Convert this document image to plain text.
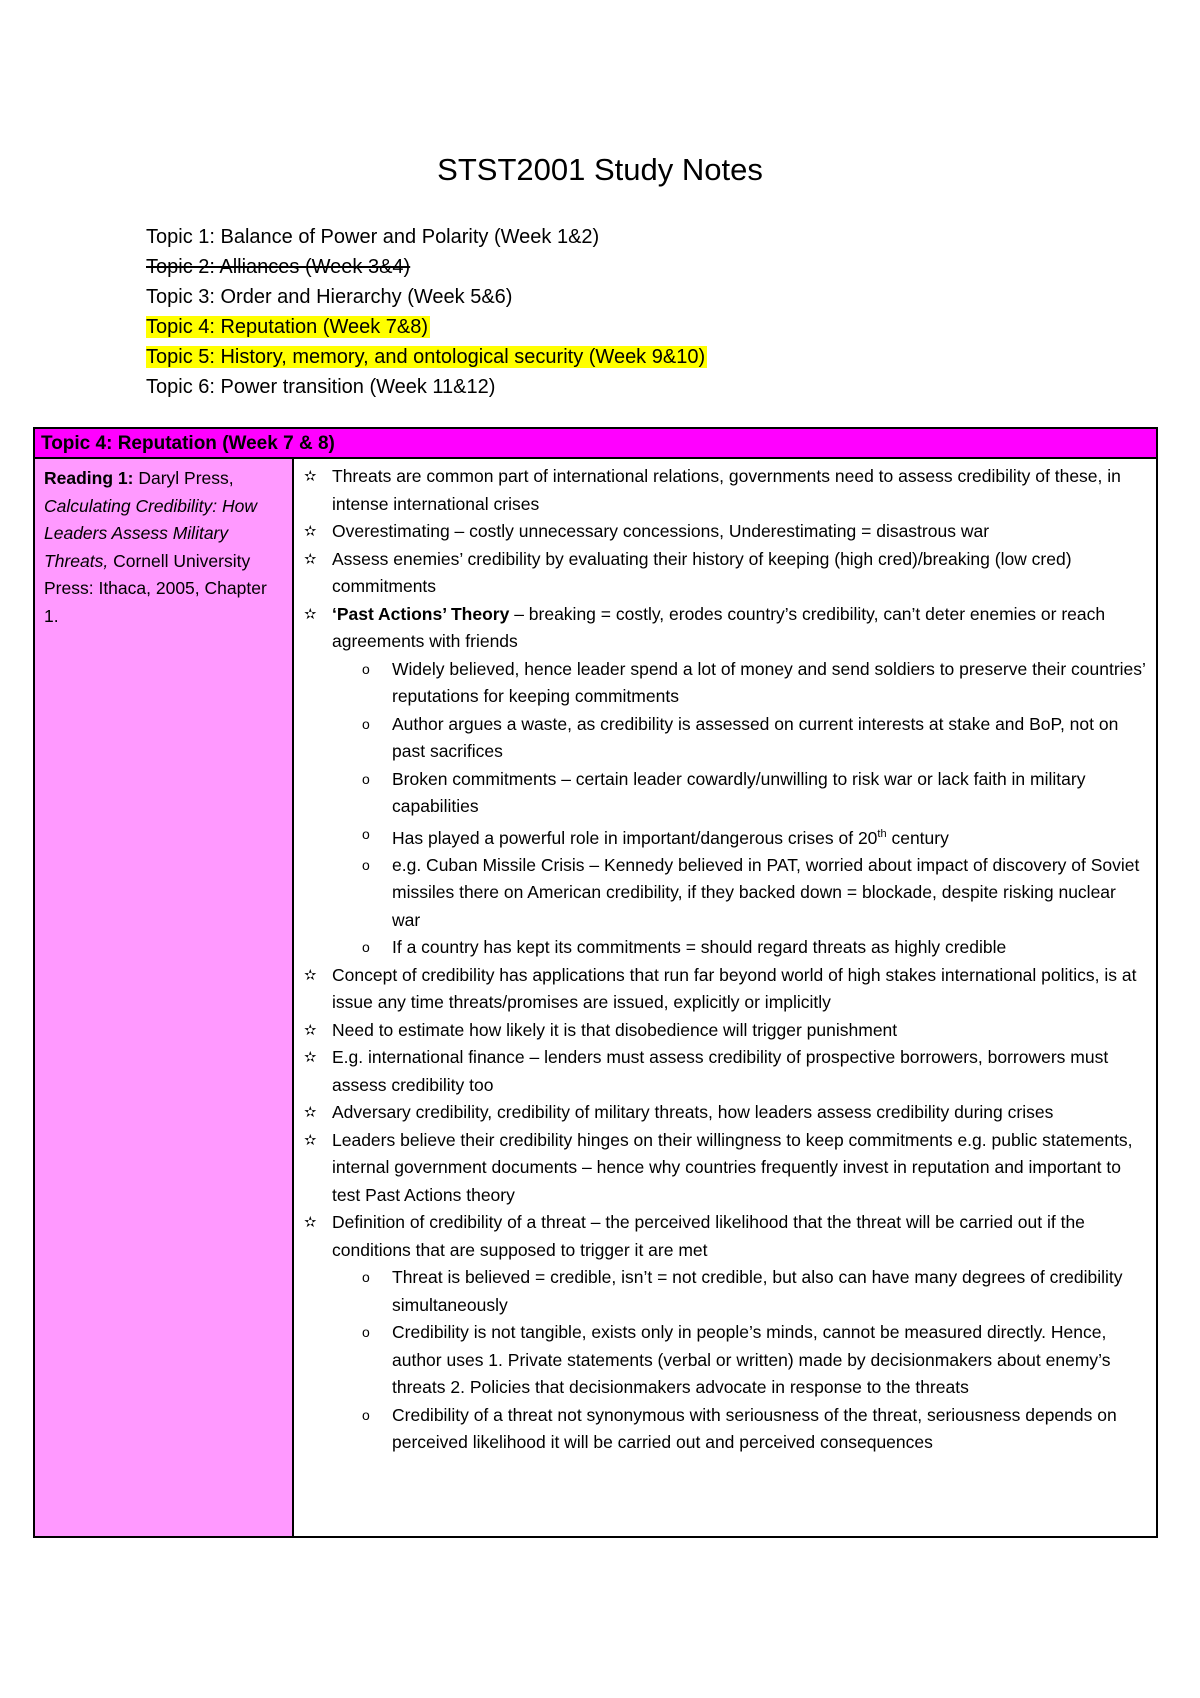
STST2001 Study Notes
Topic 1: Balance of Power and Polarity (Week 1&2)
Topic 2: Alliances (Week 3&4)
Topic 3: Order and Hierarchy (Week 5&6)
Topic 4: Reputation (Week 7&8)
Topic 5: History, memory, and ontological security (Week 9&10)
Topic 6: Power transition (Week 11&12)
Topic 4: Reputation (Week 7 & 8)
Reading 1: Daryl Press, Calculating Credibility: How Leaders Assess Military Threats, Cornell University Press: Ithaca, 2005, Chapter 1.
✫ Threats are common part of international relations, governments need to assess credibility of these, in intense international crises
✫ Overestimating – costly unnecessary concessions, Underestimating = disastrous war
✫ Assess enemies’ credibility by evaluating their history of keeping (high cred)/breaking (low cred) commitments
✫ ‘Past Actions’ Theory – breaking = costly, erodes country’s credibility, can’t deter enemies or reach agreements with friends
o	Widely believed, hence leader spend a lot of money and send soldiers to preserve their countries’ reputations for keeping commitments
o	Author argues a waste, as credibility is assessed on current interests at stake and BoP, not on past sacrifices
o	Broken commitments – certain leader cowardly/unwilling to risk war or lack faith in military capabilities
o	Has played a powerful role in important/dangerous crises of 20th century
o	e.g. Cuban Missile Crisis – Kennedy believed in PAT, worried about impact of discovery of Soviet missiles there on American credibility, if they backed down = blockade, despite risking nuclear war
o	If a country has kept its commitments = should regard threats as highly credible
✫ Concept of credibility has applications that run far beyond world of high stakes international politics, is at issue any time threats/promises are issued, explicitly or implicitly
✫ Need to estimate how likely it is that disobedience will trigger punishment
✫ E.g. international finance – lenders must assess credibility of prospective borrowers, borrowers must assess credibility too
✫ Adversary credibility, credibility of military threats, how leaders assess credibility during crises
✫ Leaders believe their credibility hinges on their willingness to keep commitments e.g. public statements, internal government documents – hence why countries frequently invest in reputation and important to test Past Actions theory
✫ Definition of credibility of a threat – the perceived likelihood that the threat will be carried out if the conditions that are supposed to trigger it are met
o	Threat is believed = credible, isn’t = not credible, but also can have many degrees of credibility simultaneously
o	Credibility is not tangible, exists only in people’s minds, cannot be measured directly. Hence, author uses 1. Private statements (verbal or written) made by decisionmakers about enemy’s threats 2. Policies that decisionmakers advocate in response to the threats
o	Credibility of a threat not synonymous with seriousness of the threat, seriousness depends on perceived likelihood it will be carried out and perceived consequences
